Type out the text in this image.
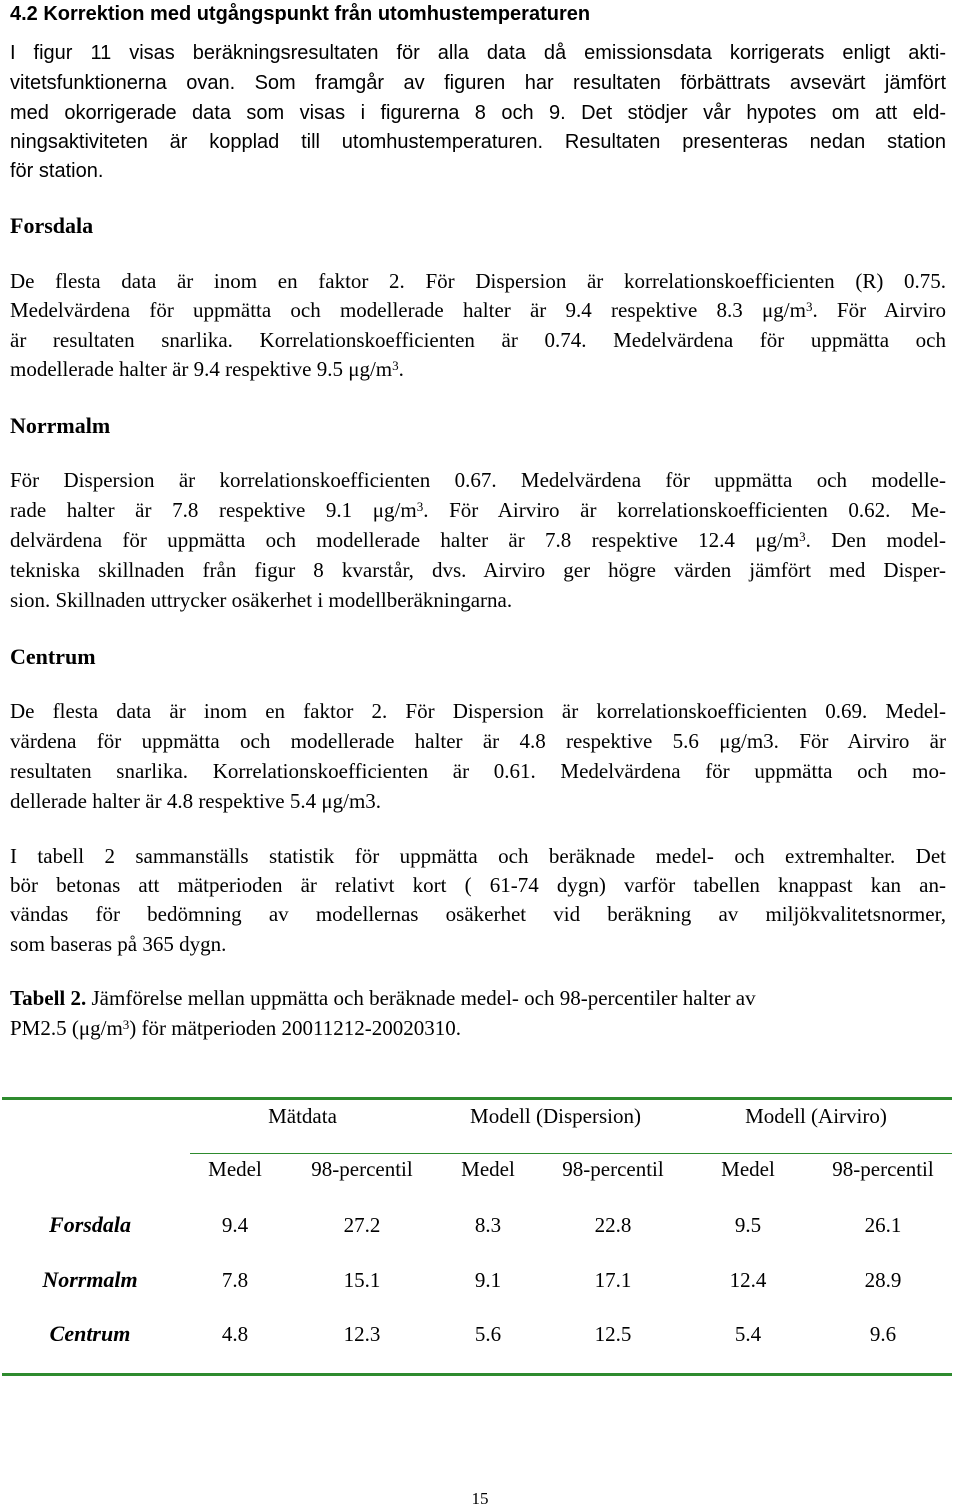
4.2 Korrektion med utgångspunkt från utomhustemperaturen
I figur 11 visas beräkningsresultaten för alla data då emissionsdata korrigerats enligt akti-
vitetsfunktionerna ovan. Som framgår av figuren har resultaten förbättrats avsevärt jämfört
med okorrigerade data som visas i figurerna 8 och 9. Det stödjer vår hypotes om att eld-
ningsaktiviteten är kopplad till utomhustemperaturen. Resultaten presenteras nedan station
för station.
Forsdala
De flesta data är inom en faktor 2. För Dispersion är korrelationskoefficienten (R) 0.75.
Medelvärdena för uppmätta och modellerade halter är 9.4 respektive 8.3 $\mu g/m^3$. För Airviro
är resultaten snarlika. Korrelationskoefficienten är 0.74. Medelvärdena för uppmätta och
modellerade halter är 9.4 respektive 9.5 $\mu g/m^3$.
Norrmalm
För Dispersion är korrelationskoefficienten 0.67. Medelvärdena för uppmätta och modelle-
rade halter är 7.8 respektive 9.1 $\mu g/m^3$. För Airviro är korrelationskoefficienten 0.62. Me-
delvärdena för uppmätta och modellerade halter är 7.8 respektive 12.4 $\mu g/m^3$. Den model-
tekniska skillnaden från figur 8 kvarstår, dvs. Airviro ger högre värden jämfört med Disper-
sion. Skillnaden uttrycker osäkerhet i modellberäkningarna.
Centrum
De flesta data är inom en faktor 2. För Dispersion är korrelationskoefficienten 0.69. Medel-
värdena för uppmätta och modellerade halter är 4.8 respektive 5.6 μg/m3. För Airviro är
resultaten snarlika. Korrelationskoefficienten är 0.61. Medelvärdena för uppmätta och mo-
dellerade halter är 4.8 respektive 5.4 μg/m3.
I tabell 2 sammanställs statistik för uppmätta och beräknade medel- och extremhalter. Det
bör betonas att mätperioden är relativt kort ( 61-74 dygn) varför tabellen knappast kan an-
vändas för bedömning av modellernas osäkerhet vid beräkning av miljökvalitetsnormer,
som baseras på 365 dygn.
Tabell 2. Jämförelse mellan uppmätta och beräknade medel- och 98-percentiler halter av
PM2.5 $(\mu g/m^3)$ för mätperioden 20011212-20020310.
Mätdata	Modell (Dispersion)	Modell (Airviro)
Medel	98-percentil	Medel	98-percentil	Medel	98-percentil
Forsdala	9.4	27.2	8.3	22.8	9.5	26.1
Norrmalm	7.8	15.1	9.1	17.1	12.4	28.9
Centrum	4.8	12.3	5.6	12.5	5.4	9.6
15
